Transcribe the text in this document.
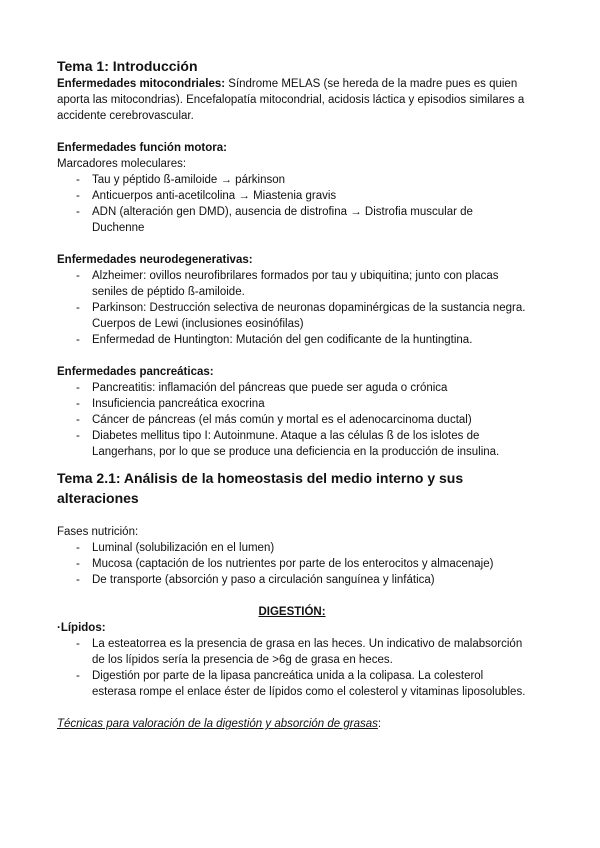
Tema 1: Introducción

Enfermedades mitocondriales: Síndrome MELAS (se hereda de la madre pues es quien aporta las mitocondrias). Encefalopatía mitocondrial, acidosis láctica y episodios similares a accidente cerebrovascular.

Enfermedades función motora:

Marcadores moleculares:

- Tau y péptido ß-amiloide → párkinson
- Anticuerpos anti-acetilcolina → Miastenia gravis
- ADN (alteración gen DMD), ausencia de distrofina → Distrofia muscular de Duchenne

Enfermedades neurodegenerativas:

- Alzheimer: ovillos neurofibrilares formados por tau y ubiquitina; junto con placas seniles de péptido ß-amiloide.
- Parkinson: Destrucción selectiva de neuronas dopaminérgicas de la sustancia negra. Cuerpos de Lewi (inclusiones eosinófilas)
- Enfermedad de Huntington: Mutación del gen codificante de la huntingtina.

Enfermedades pancreáticas:

- Pancreatitis: inflamación del páncreas que puede ser aguda o crónica
- Insuficiencia pancreática exocrina
- Cáncer de páncreas (el más común y mortal es el adenocarcinoma ductal)
- Diabetes mellitus tipo I: Autoinmune. Ataque a las células ß de los islotes de Langerhans, por lo que se produce una deficiencia en la producción de insulina.
Tema 2.1: Análisis de la homeostasis del medio interno y sus alteraciones

Fases nutrición:

- Luminal (solubilización en el lumen)
- Mucosa (captación de los nutrientes por parte de los enterocitos y almacenaje)
- De transporte (absorción y paso a circulación sanguínea y linfática)

DIGESTIÓN:

·Lípidos:

- La esteatorrea es la presencia de grasa en las heces. Un indicativo de malabsorción de los lípidos sería la presencia de >6g de grasa en heces.
- Digestión por parte de la lipasa pancreática unida a la colipasa. La colesterol esterasa rompe el enlace éster de lípidos como el colesterol y vitaminas liposolubles.

Técnicas para valoración de la digestión y absorción de grasas:
